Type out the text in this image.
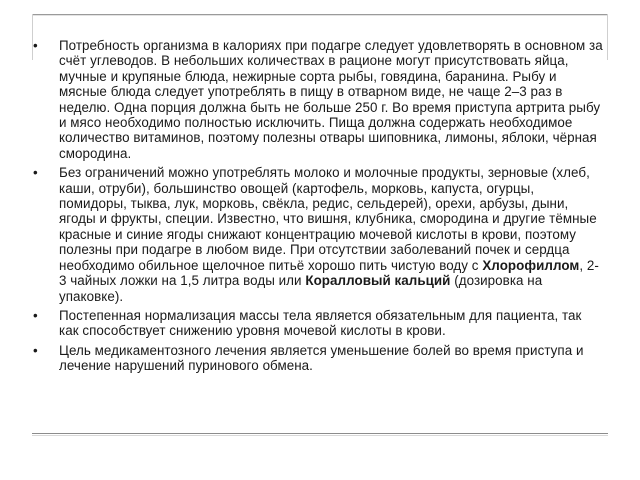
•	Потребность организма в калориях при подагре следует удовлетворять в основном за счёт углеводов. В небольших количествах в рационе могут присутствовать яйца, мучные и крупяные блюда, нежирные сорта рыбы, говядина, баранина. Рыбу и мясные блюда следует употреблять в пищу в отварном виде, не чаще 2–3 раз в неделю. Одна порция должна быть не больше 250 г. Во время приступа артрита рыбу и мясо необходимо полностью исключить. Пища должна содержать необходимое количество витаминов, поэтому полезны отвары шиповника, лимоны, яблоки, чёрная смородина.
•	Без ограничений можно употреблять молоко и молочные продукты, зерновые (хлеб, каши, отруби), большинство овощей (картофель, морковь, капуста, огурцы, помидоры, тыква, лук, морковь, свёкла, редис, сельдерей), орехи, арбузы, дыни, ягоды и фрукты, специи. Известно, что вишня, клубника, смородина и другие тёмные красные и синие ягоды снижают концентрацию мочевой кислоты в крови, поэтому полезны при подагре в любом виде. При отсутствии заболеваний почек и сердца необходимо обильное щелочное питьё хорошо пить чистую воду с Хлорофиллом, 2-3 чайных ложки на 1,5 литра воды или Коралловый кальций (дозировка на упаковке).
•	Постепенная нормализация массы тела является обязательным для пациента, так как способствует снижению уровня мочевой кислоты в крови.
•	Цель медикаментозного лечения является уменьшение болей во время приступа и лечение нарушений пуринового обмена.
